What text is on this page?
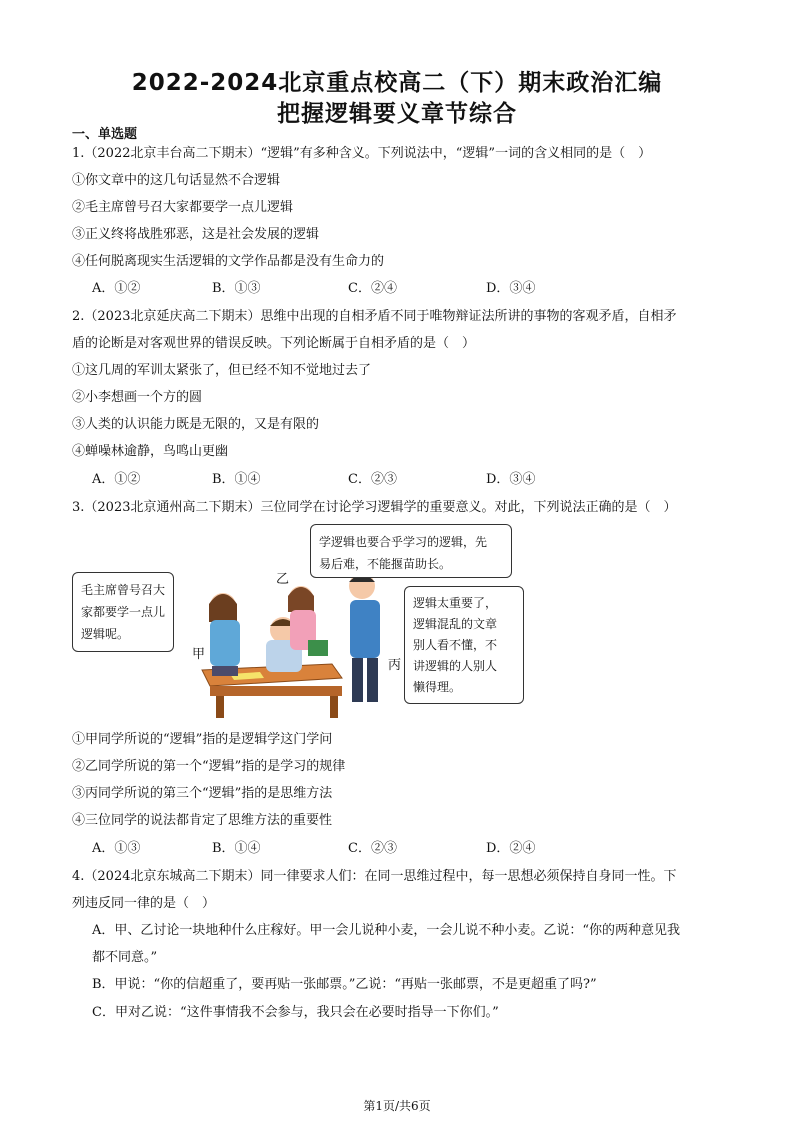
2022-2024北京重点校高二（下）期末政治汇编
把握逻辑要义章节综合
一、单选题
1.（2022北京丰台高二下期末）“逻辑”有多种含义。下列说法中，“逻辑”一词的含义相同的是（　）
①你文章中的这几句话显然不合逻辑
②毛主席曾号召大家都要学一点儿逻辑
③正义终将战胜邪恶，这是社会发展的逻辑
④任何脱离现实生活逻辑的文学作品都是没有生命力的
A．①②	B．①③	C．②④	D．③④
2.（2023北京延庆高二下期末）思维中出现的自相矛盾不同于唯物辩证法所讲的事物的客观矛盾，自相矛
盾的论断是对客观世界的错误反映。下列论断属于自相矛盾的是（　）
①这几周的军训太紧张了，但已经不知不觉地过去了
②小李想画一个方的圆
③人类的认识能力既是无限的，又是有限的
④蝉噪林逾静，鸟鸣山更幽
A．①②	B．①④	C．②③	D．③④
3.（2023北京通州高二下期末）三位同学在讨论学习逻辑学的重要意义。对此，下列说法正确的是（　）
毛主席曾号召大
家都要学一点儿
逻辑呢。
学逻辑也要合乎学习的逻辑，先
易后难，不能揠苗助长。
逻辑太重要了，
逻辑混乱的文章
别人看不懂，不
讲逻辑的人别人
懒得理。
甲
乙
丙
①甲同学所说的“逻辑”指的是逻辑学这门学问
②乙同学所说的第一个“逻辑”指的是学习的规律
③丙同学所说的第三个“逻辑”指的是思维方法
④三位同学的说法都肯定了思维方法的重要性
A．①③	B．①④	C．②③	D．②④
4.（2024北京东城高二下期末）同一律要求人们：在同一思维过程中，每一思想必须保持自身同一性。下
列违反同一律的是（　）
A．甲、乙讨论一块地种什么庄稼好。甲一会儿说种小麦，一会儿说不种小麦。乙说：“你的两种意见我
都不同意。”
B．甲说：“你的信超重了，要再贴一张邮票。”乙说：“再贴一张邮票，不是更超重了吗?”
C．甲对乙说：“这件事情我不会参与，我只会在必要时指导一下你们。”
第1页/共6页
